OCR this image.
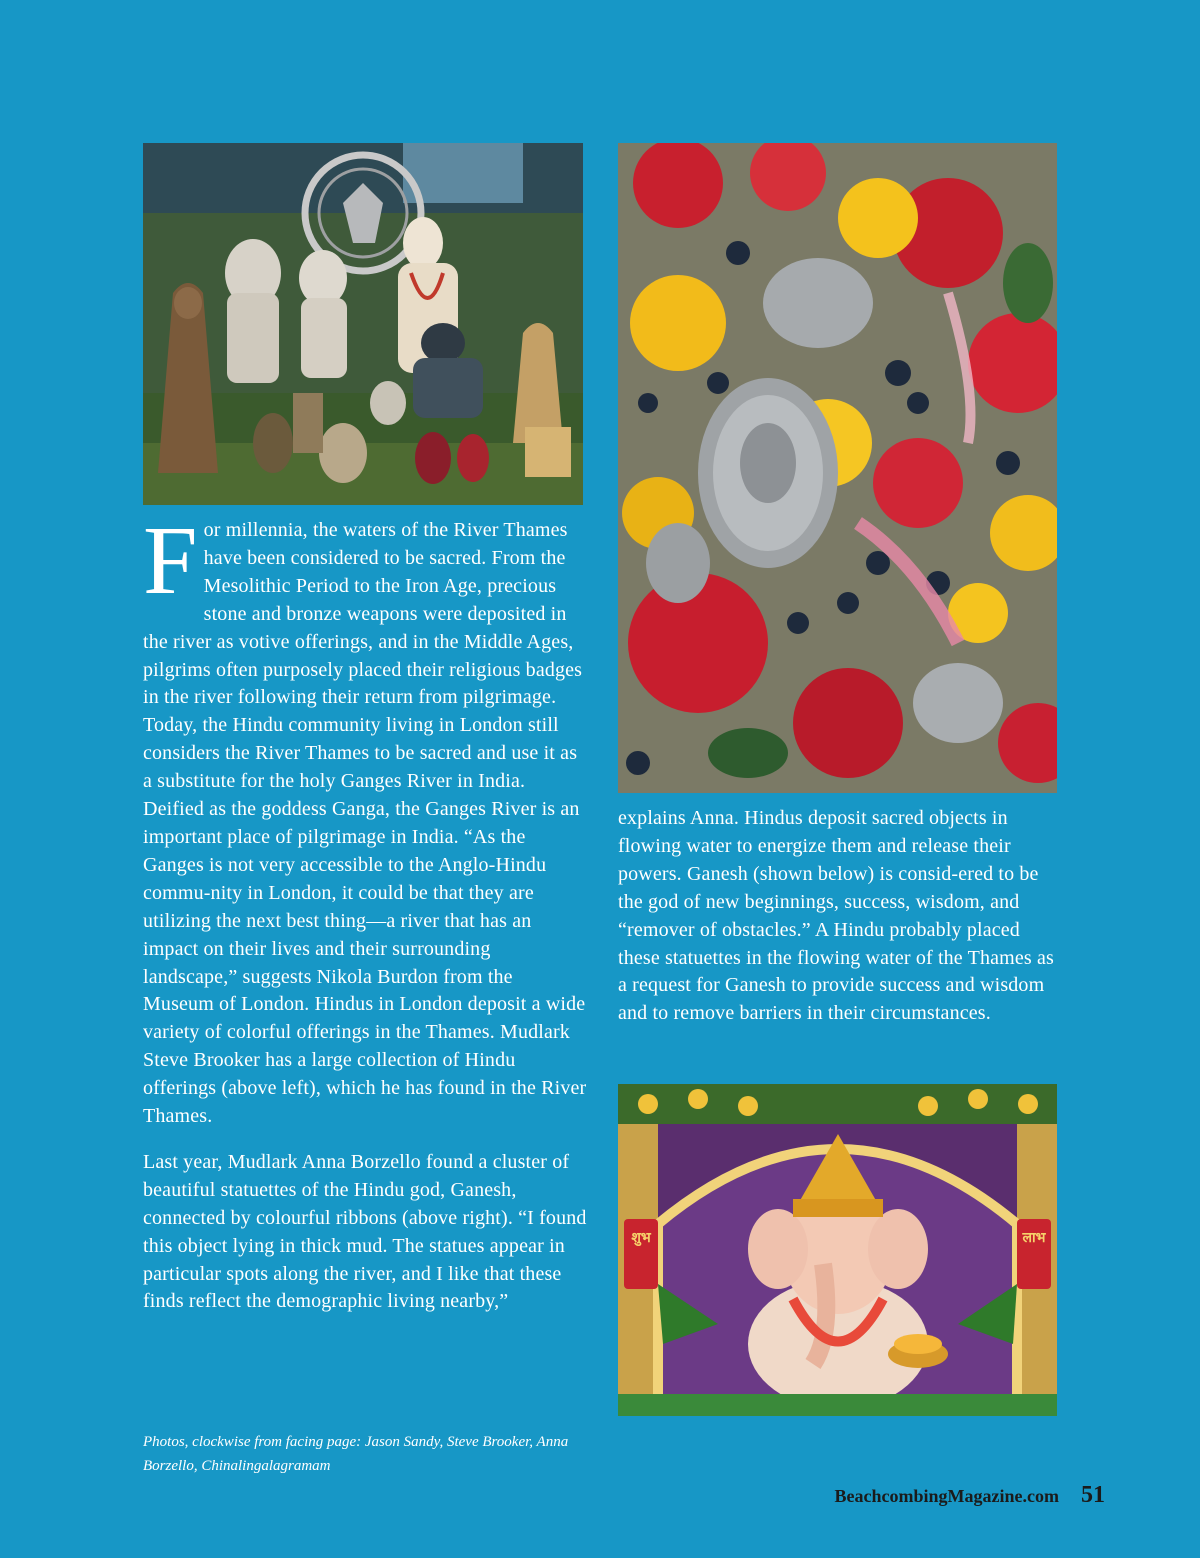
शुभ	लाभ

For millennia, the waters of the River Thames have been considered to be sacred. From the Mesolithic Period to the Iron Age, precious stone and bronze weapons were deposited in the river as votive offerings, and in the Middle Ages, pilgrims often purposely placed their religious badges in the river following their return from pilgrimage. Today, the Hindu community living in London still considers the River Thames to be sacred and use it as a substitute for the holy Ganges River in India. Deified as the goddess Ganga, the Ganges River is an important place of pilgrimage in India. “As the Ganges is not very accessible to the Anglo-Hindu commu-nity in London, it could be that they are utilizing the next best thing—a river that has an impact on their lives and their surrounding landscape,” suggests Nikola Burdon from the Museum of London. Hindus in London deposit a wide variety of colorful offerings in the Thames. Mudlark Steve Brooker has a large collection of Hindu offerings (above left), which he has found in the River Thames.

Last year, Mudlark Anna Borzello found a cluster of beautiful statuettes of the Hindu god, Ganesh, connected by colourful ribbons (above right). “I found this object lying in thick mud. The statues appear in particular spots along the river, and I like that these finds reflect the demographic living nearby,”

explains Anna. Hindus deposit sacred objects in flowing water to energize them and release their powers. Ganesh (shown below) is consid-ered to be the god of new beginnings, success, wisdom, and “remover of obstacles.” A Hindu probably placed these statuettes in the flowing water of the Thames as a request for Ganesh to provide success and wisdom and to remove barriers in their circumstances.

Photos, clockwise from facing page: Jason Sandy, Steve Brooker, Anna Borzello, Chinalingalagramam
BeachcombingMagazine.com 51
